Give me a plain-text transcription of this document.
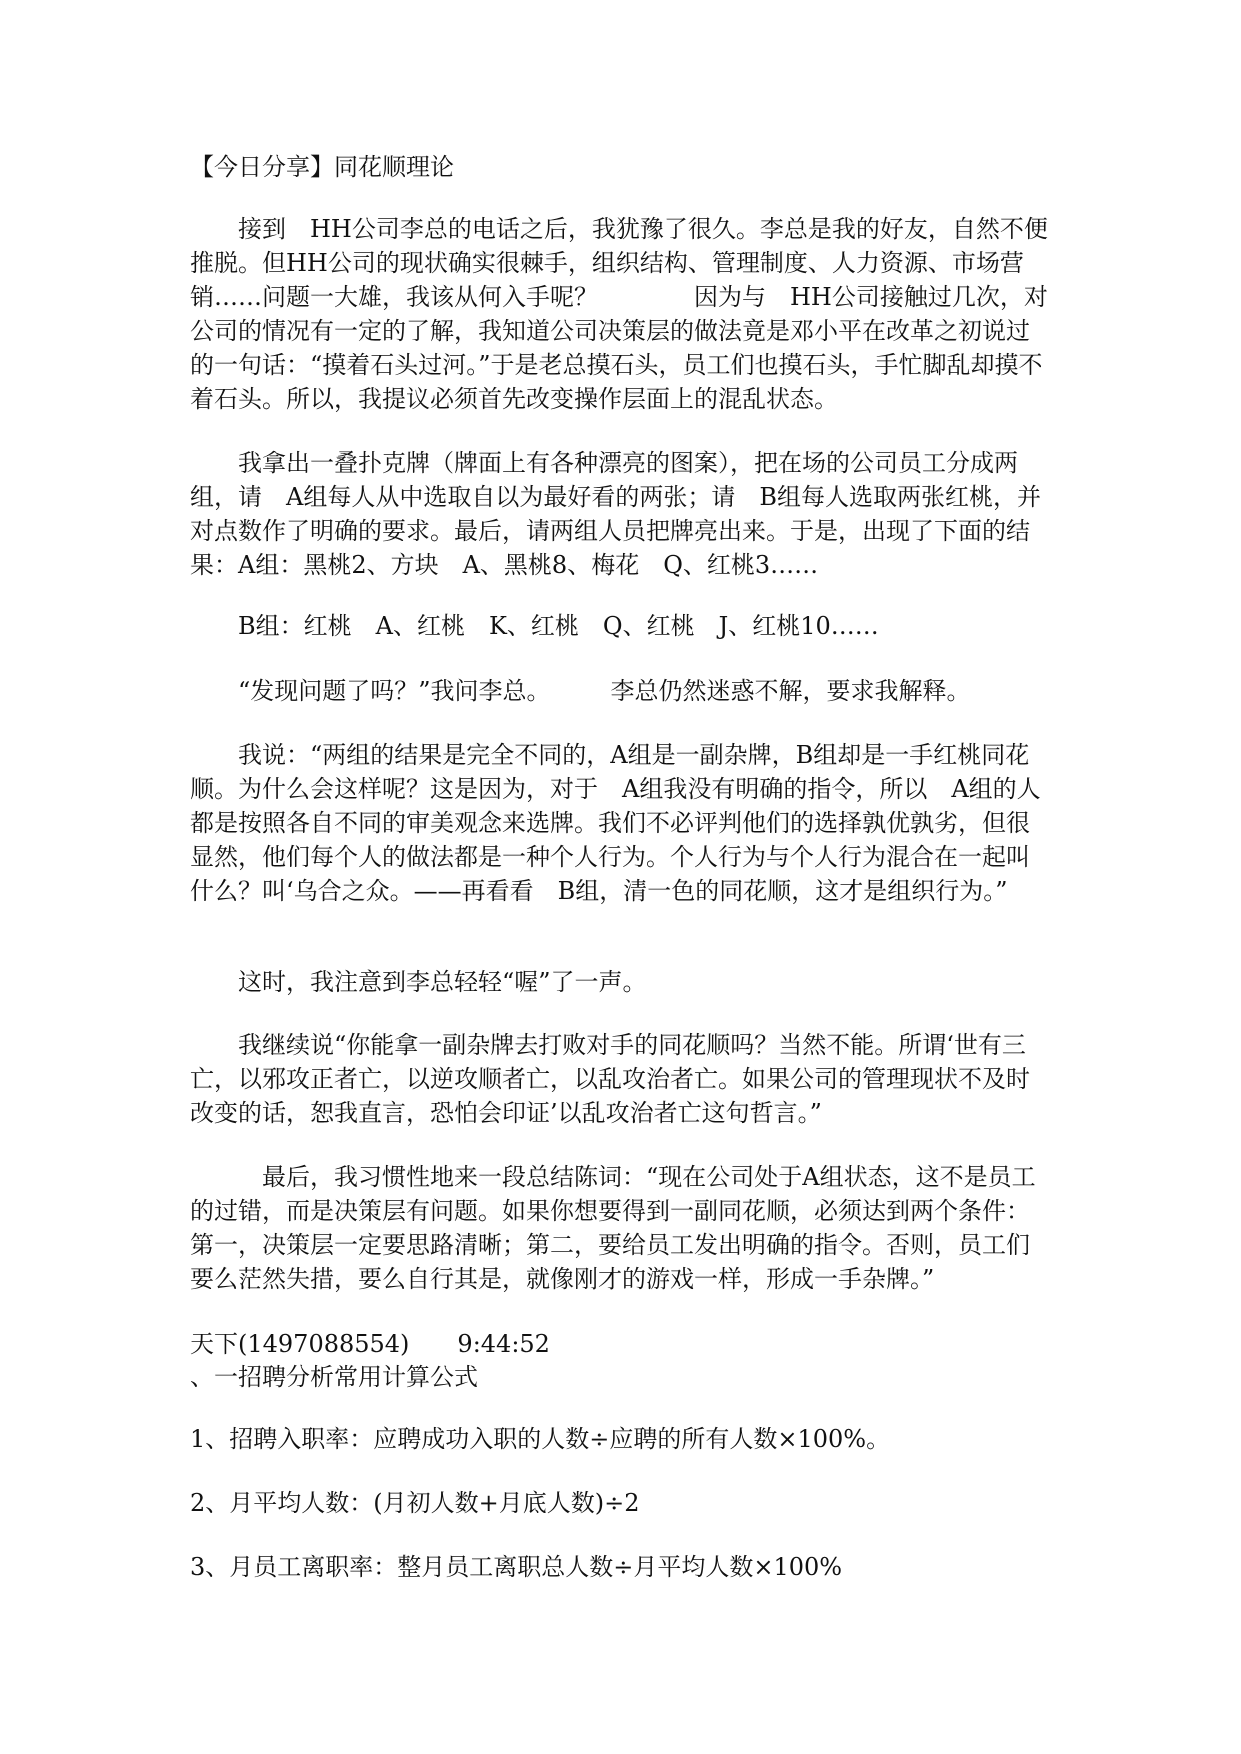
【今日分享】同花顺理论
接到　HH公司李总的电话之后，我犹豫了很久。李总是我的好友，自然不便推脱。但HH公司的现状确实很棘手，组织结构、管理制度、人力资源、市场营销……问题一大雄，我该从何入手呢？　　　　因为与　HH公司接触过几次，对公司的情况有一定的了解，我知道公司决策层的做法竟是邓小平在改革之初说过的一句话：“摸着石头过河。”于是老总摸石头，员工们也摸石头，手忙脚乱却摸不着石头。所以，我提议必须首先改变操作层面上的混乱状态。
我拿出一叠扑克牌（牌面上有各种漂亮的图案），把在场的公司员工分成两组，请　A组每人从中选取自以为最好看的两张；请　B组每人选取两张红桃，并对点数作了明确的要求。最后，请两组人员把牌亮出来。于是，出现了下面的结果：A组：黑桃2、方块　A、黑桃8、梅花　Q、红桃3……
B组：红桃　A、红桃　K、红桃　Q、红桃　J、红桃10……
“发现问题了吗？”我问李总。　　　李总仍然迷惑不解，要求我解释。
我说：“两组的结果是完全不同的，A组是一副杂牌，B组却是一手红桃同花顺。为什么会这样呢？这是因为，对于　A组我没有明确的指令，所以　A组的人都是按照各自不同的审美观念来选牌。我们不必评判他们的选择孰优孰劣，但很显然，他们每个人的做法都是一种个人行为。个人行为与个人行为混合在一起叫什么？叫‘乌合之众。——再看看　B组，清一色的同花顺，这才是组织行为。”
这时，我注意到李总轻轻“喔”了一声。
我继续说“你能拿一副杂牌去打败对手的同花顺吗？当然不能。所谓‘世有三亡，以邪攻正者亡，以逆攻顺者亡，以乱攻治者亡。如果公司的管理现状不及时改变的话，恕我直言，恐怕会印证’以乱攻治者亡这句哲言。”
最后，我习惯性地来一段总结陈词：“现在公司处于A组状态，这不是员工的过错，而是决策层有问题。如果你想要得到一副同花顺，必须达到两个条件：第一，决策层一定要思路清晰；第二，要给员工发出明确的指令。否则，员工们要么茫然失措，要么自行其是，就像刚才的游戏一样，形成一手杂牌。”
天下(1497088554)　　9:44:52
、一招聘分析常用计算公式
1、招聘入职率：应聘成功入职的人数÷应聘的所有人数×100%。
2、月平均人数：(月初人数+月底人数)÷2
3、月员工离职率：整月员工离职总人数÷月平均人数×100%
